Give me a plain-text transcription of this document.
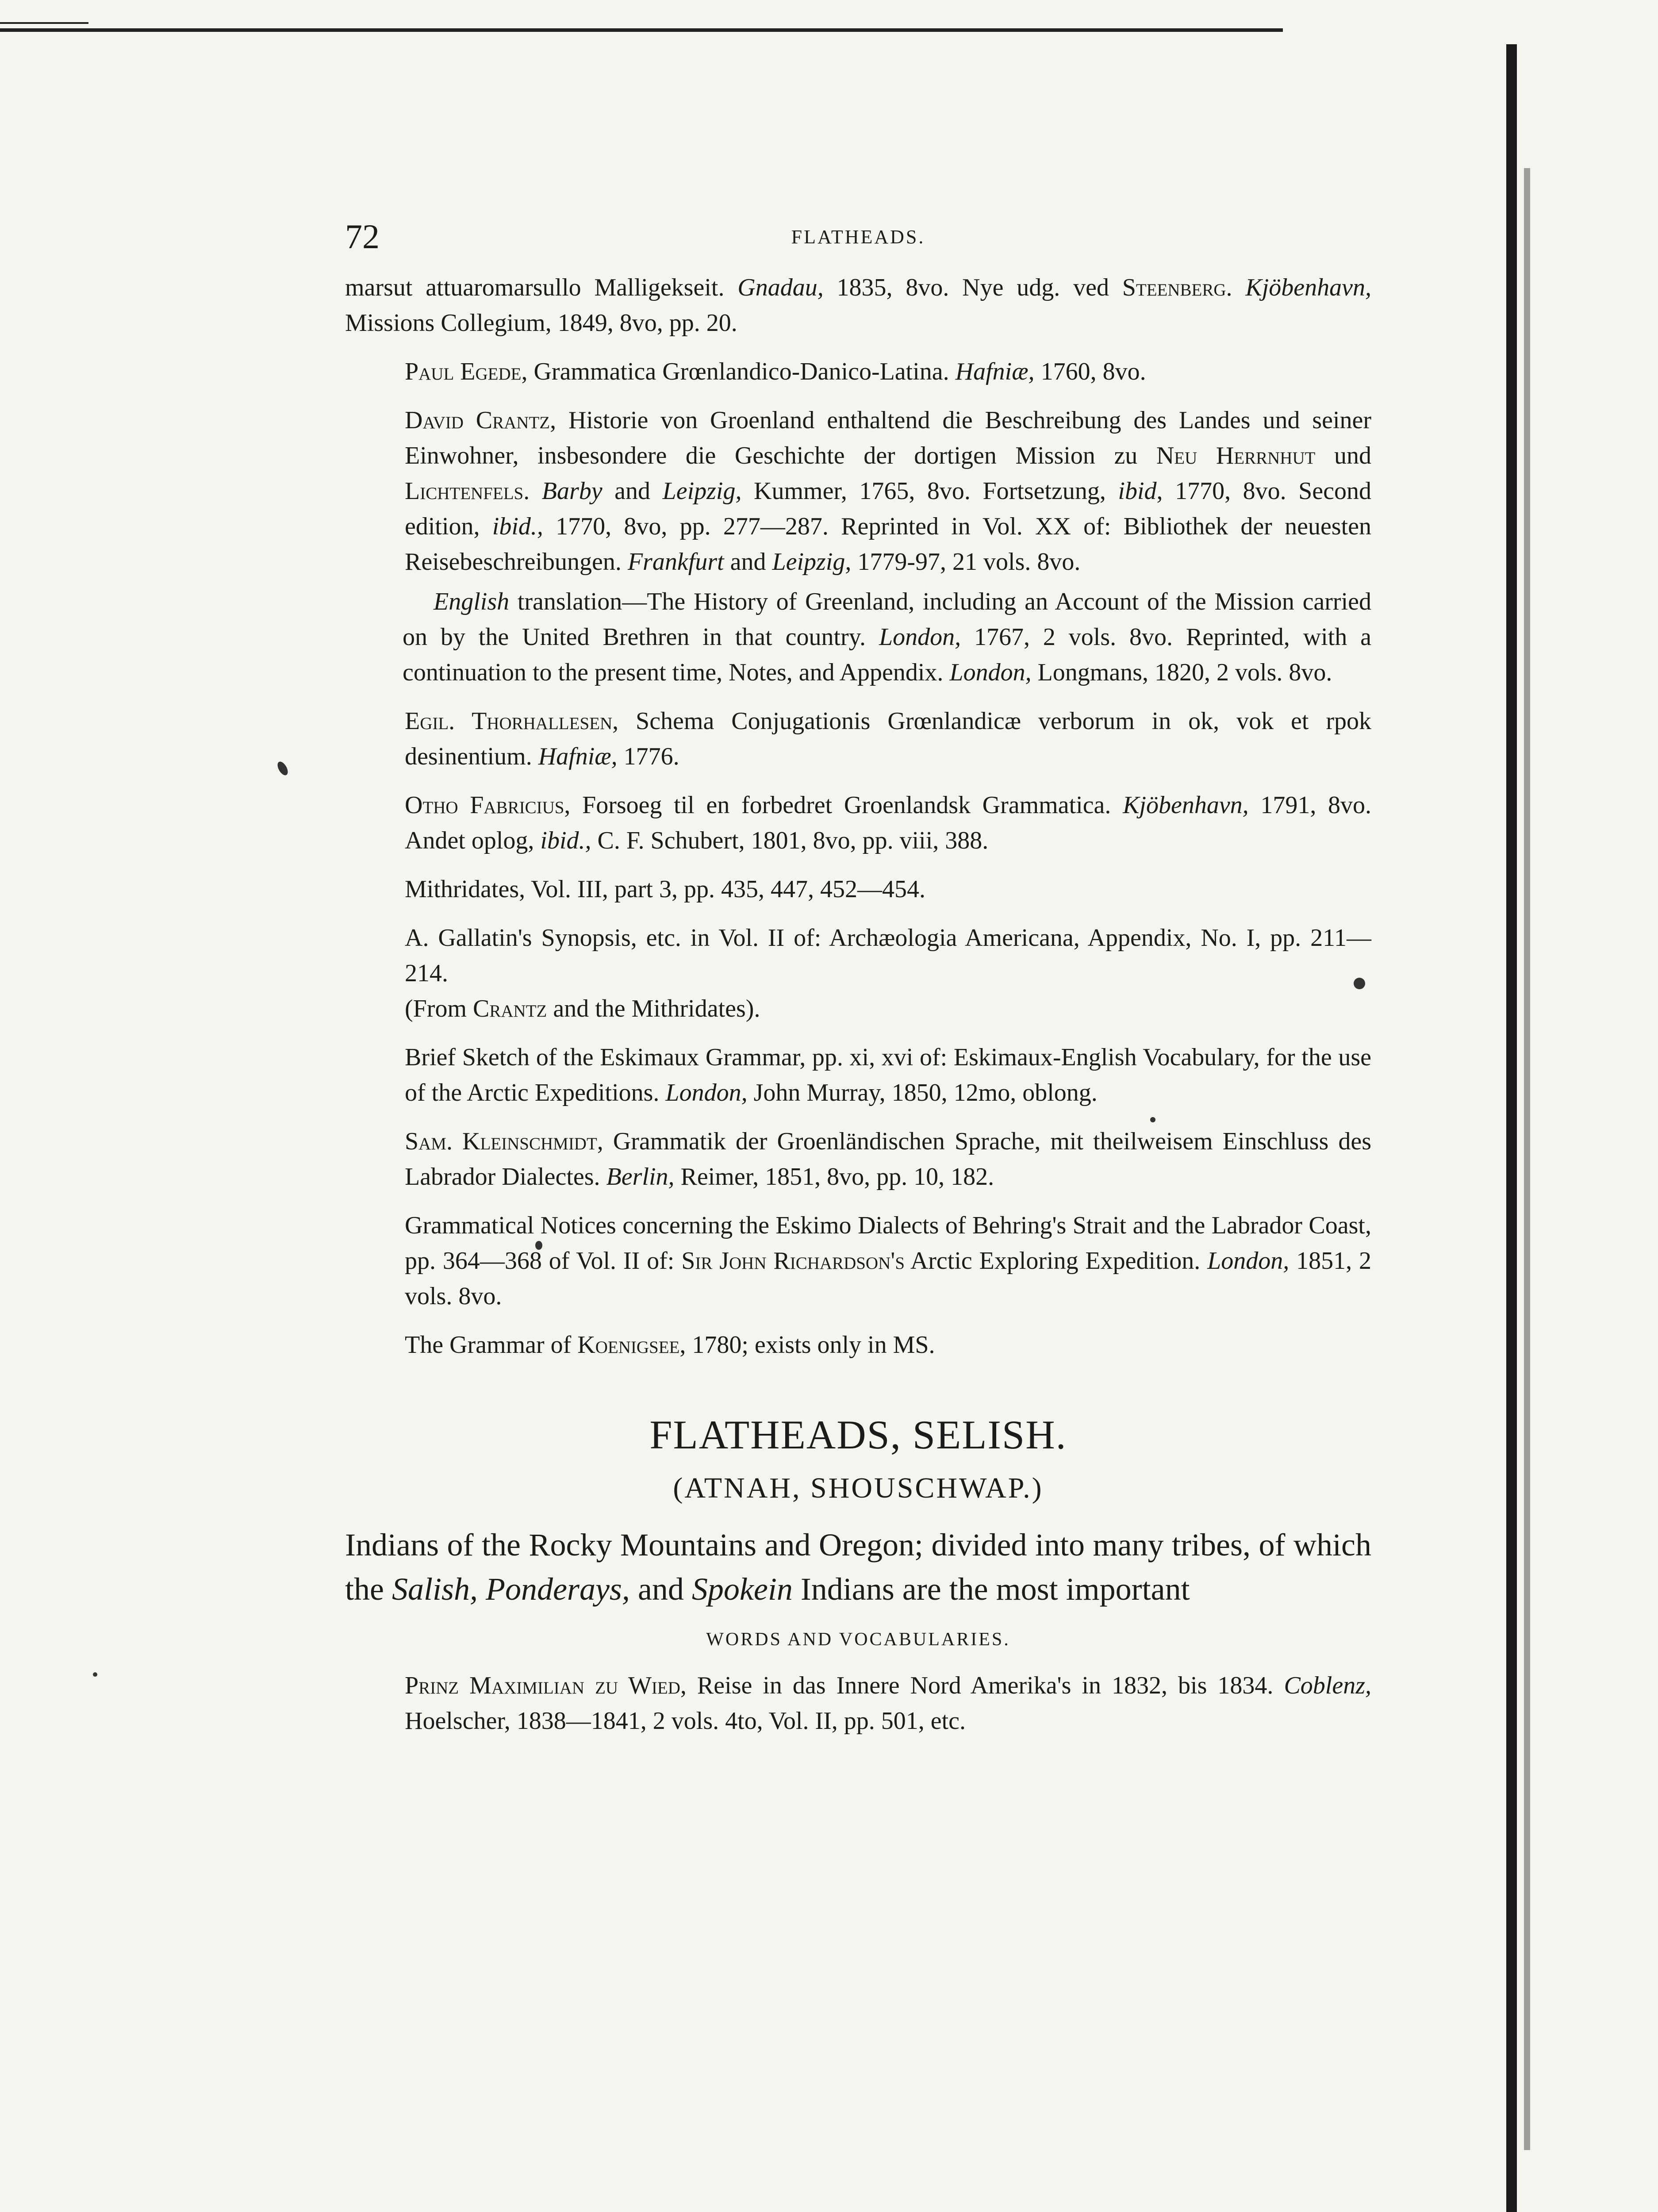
72	FLATHEADS.

marsut attuaromarsullo Malligekseit. Gnadau, 1835, 8vo. Nye udg. ved Steenberg. Kjöbenhavn, Missions Collegium, 1849, 8vo, pp. 20.

Paul Egede, Grammatica Grœnlandico-Danico-Latina. Hafniæ, 1760, 8vo.

David Crantz, Historie von Groenland enthaltend die Beschreibung des Landes und seiner Einwohner, insbesondere die Geschichte der dortigen Mission zu Neu Herrnhut und Lichtenfels. Barby and Leipzig, Kummer, 1765, 8vo. Fortsetzung, ibid, 1770, 8vo. Second edition, ibid., 1770, 8vo, pp. 277—287. Reprinted in Vol. XX of: Bibliothek der neuesten Reisebeschreibungen. Frankfurt and Leipzig, 1779-97, 21 vols. 8vo.

English translation—The History of Greenland, including an Account of the Mission carried on by the United Brethren in that country. London, 1767, 2 vols. 8vo. Reprinted, with a continuation to the present time, Notes, and Appendix. London, Longmans, 1820, 2 vols. 8vo.

Egil. Thorhallesen, Schema Conjugationis Grœnlandicæ verborum in ok, vok et rpok desinentium. Hafniæ, 1776.

Otho Fabricius, Forsoeg til en forbedret Groenlandsk Grammatica. Kjöbenhavn, 1791, 8vo. Andet oplog, ibid., C. F. Schubert, 1801, 8vo, pp. viii, 388.

Mithridates, Vol. III, part 3, pp. 435, 447, 452—454.

A. Gallatin's Synopsis, etc. in Vol. II of: Archæologia Americana, Appendix, No. I, pp. 211—214.

(From Crantz and the Mithridates).

Brief Sketch of the Eskimaux Grammar, pp. xi, xvi of: Eskimaux-English Vocabulary, for the use of the Arctic Expeditions. London, John Murray, 1850, 12mo, oblong.

Sam. Kleinschmidt, Grammatik der Groenländischen Sprache, mit theilweisem Einschluss des Labrador Dialectes. Berlin, Reimer, 1851, 8vo, pp. 10, 182.

Grammatical Notices concerning the Eskimo Dialects of Behring's Strait and the Labrador Coast, pp. 364—368 of Vol. II of: Sir John Richardson's Arctic Exploring Expedition. London, 1851, 2 vols. 8vo.

The Grammar of Koenigsee, 1780; exists only in MS.

FLATHEADS, SELISH.
(ATNAH, SHOUSCHWAP.)

Indians of the Rocky Mountains and Oregon; divided into many tribes, of which the Salish, Ponderays, and Spokein Indians are the most important

WORDS AND VOCABULARIES.

Prinz Maximilian zu Wied, Reise in das Innere Nord Amerika's in 1832, bis 1834. Coblenz, Hoelscher, 1838—1841, 2 vols. 4to, Vol. II, pp. 501, etc.
